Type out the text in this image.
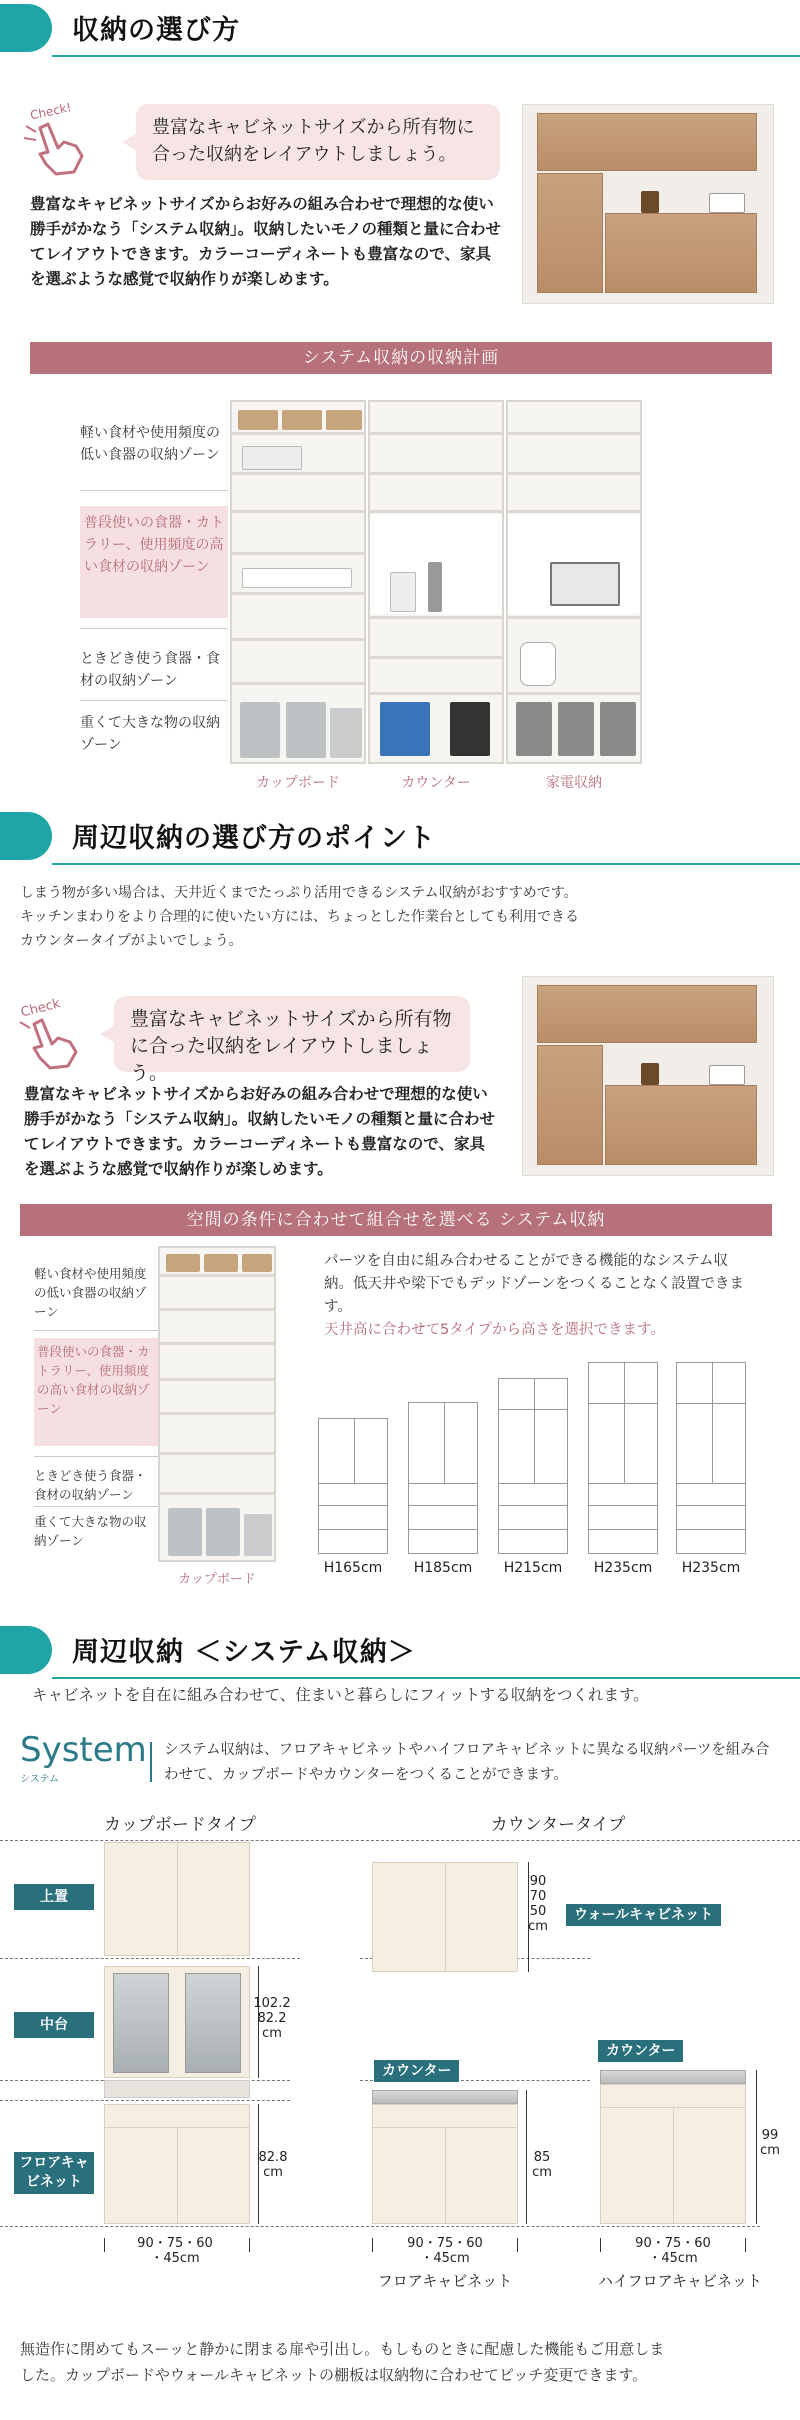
収納の選び方
Check!
豊富なキャビネットサイズから所有物に合った収納をレイアウトしましょう。
豊富なキャビネットサイズからお好みの組み合わせで理想的な使い勝手がかなう「システム収納」。収納したいモノの種類と量に合わせてレイアウトできます。カラーコーディネートも豊富なので、家具を選ぶような感覚で収納作りが楽しめます。
システム収納の収納計画
軽い食材や使用頻度の低い食器の収納ゾーン
普段使いの食器・カトラリー、使用頻度の高い食材の収納ゾーン
ときどき使う食器・食材の収納ゾーン
重くて大きな物の収納ゾーン
カップボード	カウンター	家電収納
周辺収納の選び方のポイント
しまう物が多い場合は、天井近くまでたっぷり活用できるシステム収納がおすすめです。
キッチンまわりをより合理的に使いたい方には、ちょっとした作業台としても利用できる
カウンタータイプがよいでしょう。
Check	豊富なキャビネットサイズから所有物に合った収納をレイアウトしましょう。
豊富なキャビネットサイズからお好みの組み合わせで理想的な使い勝手がかなう「システム収納」。収納したいモノの種類と量に合わせてレイアウトできます。カラーコーディネートも豊富なので、家具を選ぶような感覚で収納作りが楽しめます。
空間の条件に合わせて組合せを選べる システム収納
軽い食材や使用頻度の低い食器の収納ゾーン
普段使いの食器・カトラリー、使用頻度の高い食材の収納ゾーン
ときどき使う食器・食材の収納ゾーン
重くて大きな物の収納ゾーン
カップボード
パーツを自由に組み合わせることができる機能的なシステム収納。低天井や梁下でもデッドゾーンをつくることなく設置できます。
天井高に合わせて5タイプから高さを選択できます。
H165cm	H185cm	H215cm	H235cm	H235cm
周辺収納 ＜システム収納＞
キャビネットを自在に組み合わせて、住まいと暮らしにフィットする収納をつくれます。
System
システム
システム収納は、フロアキャビネットやハイフロアキャビネットに異なる収納パーツを組み合わせて、カップボードやカウンターをつくることができます。
カップボードタイプ	カウンタータイプ
上置
中台
フロアキャビネット
102.2
82.2
cm
82.8
cm
90・75・60
・45cm
90
70
50
cm
ウォールキャビネット
カウンター
85
cm
90・75・60
・45cm
フロアキャビネット
カウンター
99
cm
90・75・60
・45cm
ハイフロアキャビネット
無造作に閉めてもスーッと静かに閉まる扉や引出し。もしものときに配慮した機能もご用意しま
した。カップボードやウォールキャビネットの棚板は収納物に合わせてピッチ変更できます。
